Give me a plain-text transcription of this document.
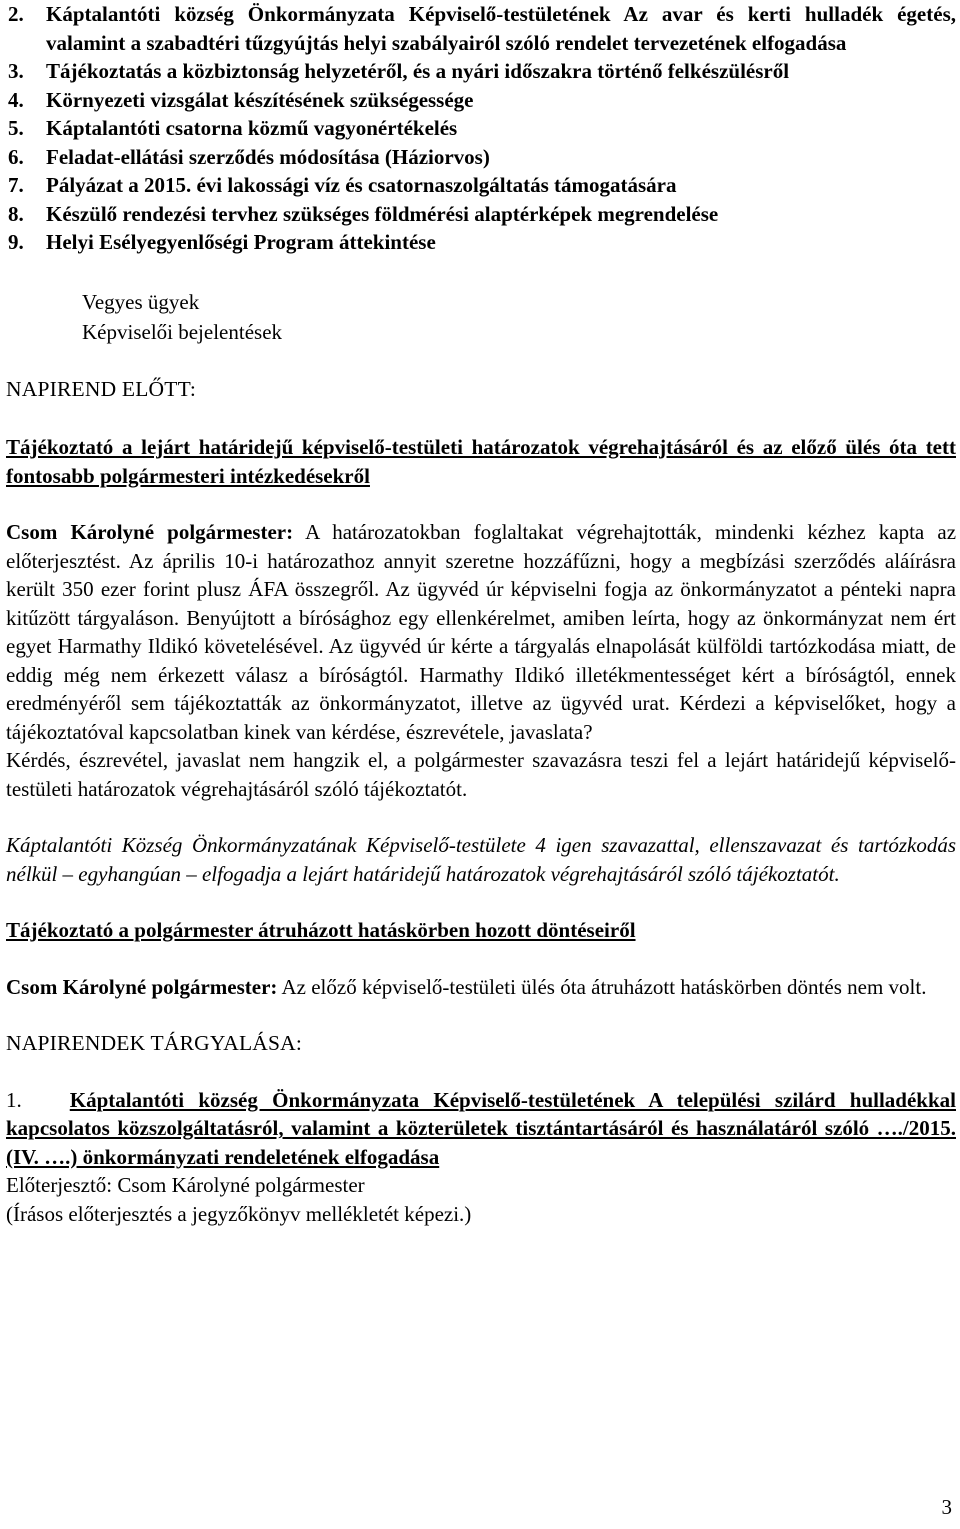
2.	Káptalantóti község Önkormányzata Képviselő-testületének Az avar és kerti hulladék égetés, valamint a szabadtéri tűzgyújtás helyi szabályairól szóló rendelet tervezetének elfogadása
3.	Tájékoztatás a közbiztonság helyzetéről, és a nyári időszakra történő felkészülésről
4.	Környezeti vizsgálat készítésének szükségessége
5.	Káptalantóti csatorna közmű vagyonértékelés
6.	Feladat-ellátási szerződés módosítása (Háziorvos)
7.	Pályázat a 2015. évi lakossági víz és csatornaszolgáltatás támogatására
8.	Készülő rendezési tervhez szükséges földmérési alaptérképek megrendelése
9.	Helyi Esélyegyenlőségi Program áttekintése
Vegyes ügyek
Képviselői bejelentések
NAPIREND ELŐTT:

Tájékoztató a lejárt határidejű képviselő-testületi határozatok végrehajtásáról és az előző ülés óta tett fontosabb polgármesteri intézkedésekről

Csom Károlyné polgármester: A határozatokban foglaltakat végrehajtották, mindenki kézhez kapta az előterjesztést. Az április 10-i határozathoz annyit szeretne hozzáfűzni, hogy a megbízási szerződés aláírásra került 350 ezer forint plusz ÁFA összegről. Az ügyvéd úr képviselni fogja az önkormányzatot a pénteki napra kitűzött tárgyaláson. Benyújtott a bírósághoz egy ellenkérelmet, amiben leírta, hogy az önkormányzat nem ért egyet Harmathy Ildikó követelésével. Az ügyvéd úr kérte a tárgyalás elnapolását külföldi tartózkodása miatt, de eddig még nem érkezett válasz a bíróságtól. Harmathy Ildikó illetékmentességet kért a bíróságtól, ennek eredményéről sem tájékoztatták az önkormányzatot, illetve az ügyvéd urat. Kérdezi a képviselőket, hogy a tájékoztatóval kapcsolatban kinek van kérdése, észrevétele, javaslata?

Kérdés, észrevétel, javaslat nem hangzik el, a polgármester szavazásra teszi fel a lejárt határidejű képviselő-testületi határozatok végrehajtásáról szóló tájékoztatót.

Káptalantóti Község Önkormányzatának Képviselő-testülete 4 igen szavazattal, ellenszavazat és tartózkodás nélkül – egyhangúan – elfogadja a lejárt határidejű határozatok végrehajtásáról szóló tájékoztatót.

Tájékoztató a polgármester átruházott hatáskörben hozott döntéseiről

Csom Károlyné polgármester: Az előző képviselő-testületi ülés óta átruházott hatáskörben döntés nem volt.

NAPIRENDEK TÁRGYALÁSA:

1. Káptalantóti község Önkormányzata Képviselő-testületének A települési szilárd hulladékkal kapcsolatos közszolgáltatásról, valamint a közterületek tisztántartásáról és használatáról szóló …./2015. (IV. ….) önkormányzati rendeletének elfogadása

Előterjesztő: Csom Károlyné polgármester
(Írásos előterjesztés a jegyzőkönyv mellékletét képezi.)
3
